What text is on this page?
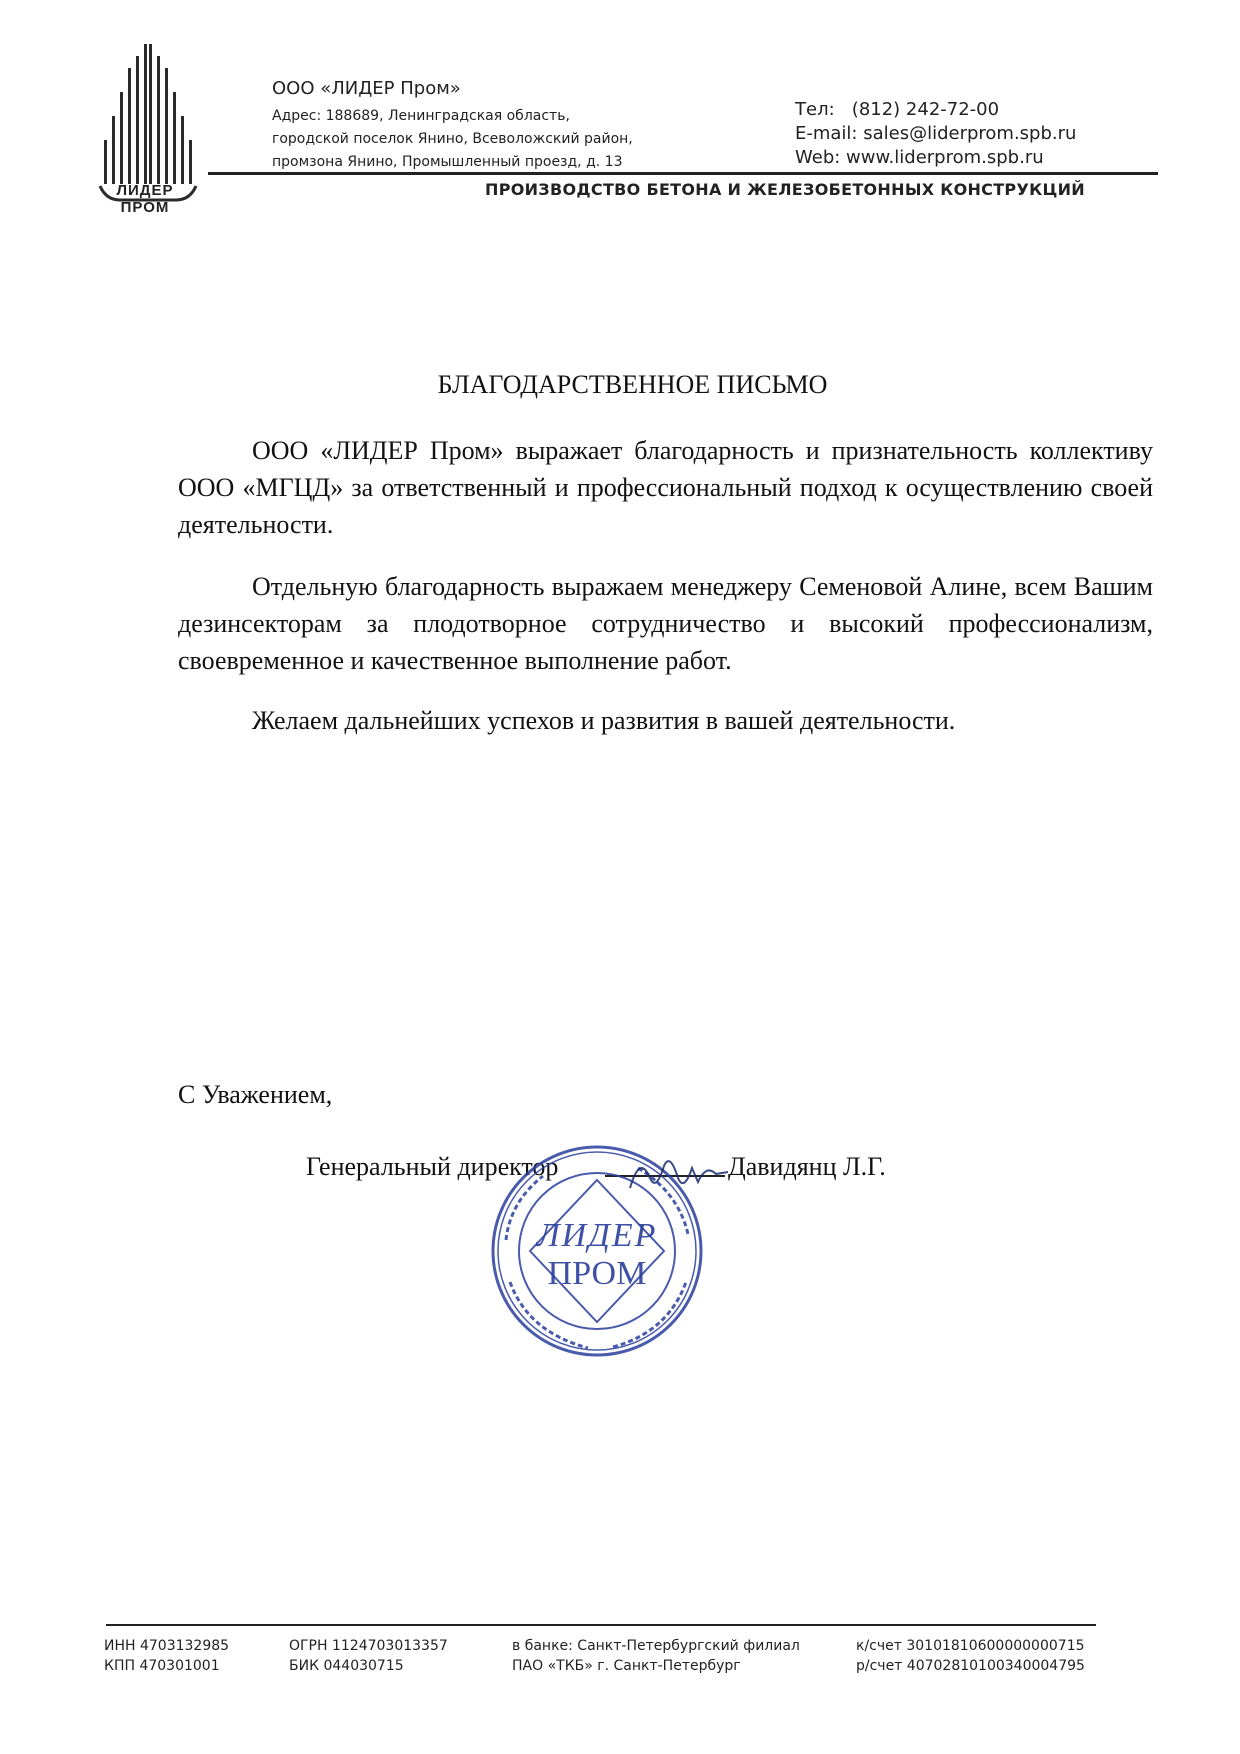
ЛИДЕР
ПРОМ
ООО «ЛИДЕР Пром»
Адрес: 188689, Ленинградская область,
городской поселок Янино, Всеволожский район,
промзона Янино, Промышленный проезд, д. 13
Тел:   (812) 242-72-00
E-mail: sales@liderprom.spb.ru
Web: www.liderprom.spb.ru
ПРОИЗВОДСТВО БЕТОНА И ЖЕЛЕЗОБЕТОННЫХ КОНСТРУКЦИЙ
БЛАГОДАРСТВЕННОЕ ПИСЬМО
ООО «ЛИДЕР Пром» выражает благодарность и признательность коллективу ООО «МГЦД» за ответственный и профессиональный подход к осуществлению своей деятельности.
Отдельную благодарность выражаем менеджеру Семеновой Алине, всем Вашим дезинсекторам за плодотворное сотрудничество и высокий профессионализм, своевременное и качественное выполнение работ.
Желаем дальнейших успехов и развития в вашей деятельности.
С Уважением,
Генеральный директор	Давидянц Л.Г.
ЛИДЕР
ПРОМ
ИНН 4703132985
КПП 470301001
ОГРН 1124703013357
БИК 044030715
в банке: Санкт-Петербургский филиал
ПАО «ТКБ» г. Санкт-Петербург
к/счет 30101810600000000715
р/счет 40702810100340004795
